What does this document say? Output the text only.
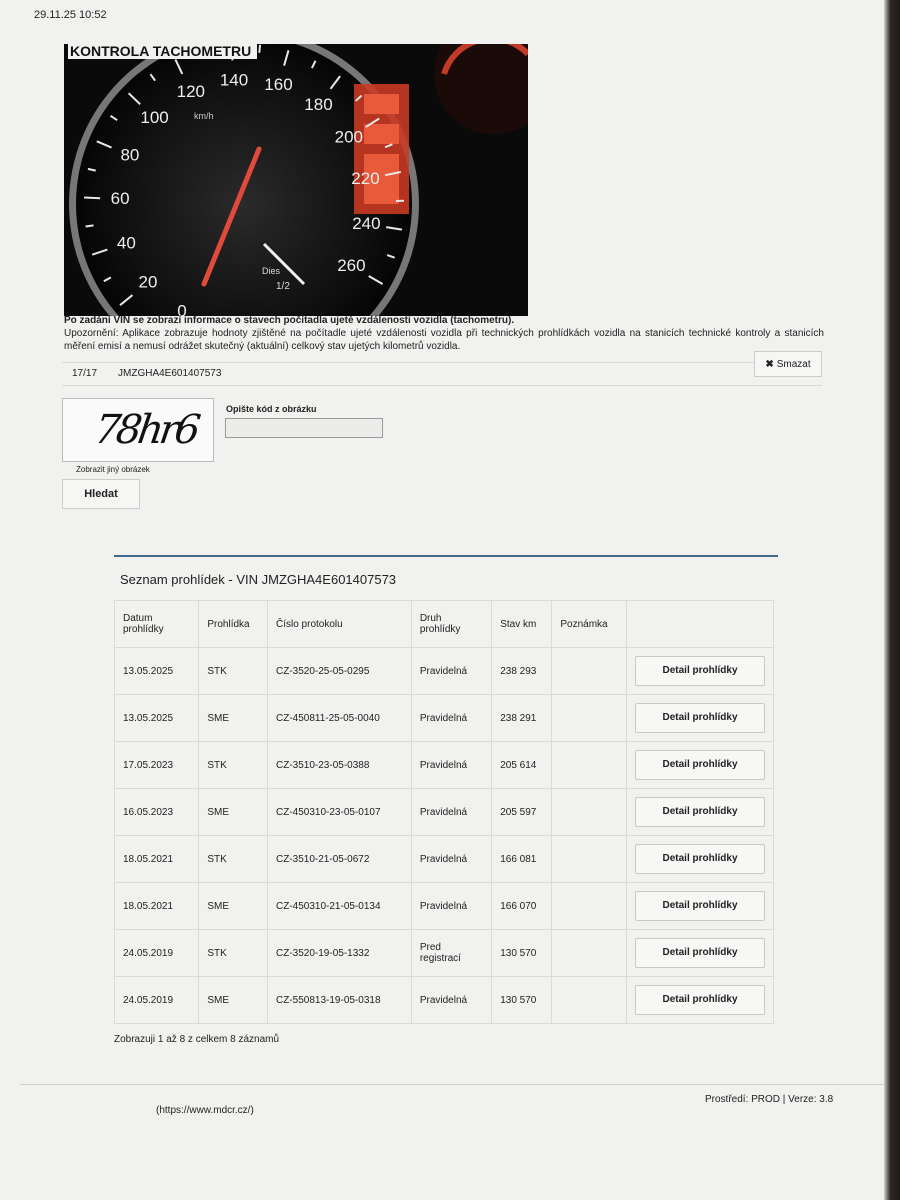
29.11.25 10:52
0
20
40
60
80
100
120
140 160
180
200
220
240
260
km/h
Dies
1/2
KONTROLA TACHOMETRU
Po zadání VIN se zobrazí informace o stavech počítadla ujeté vzdálenosti vozidla (tachometru).
Upozornění: Aplikace zobrazuje hodnoty zjištěné na počítadle ujeté vzdálenosti vozidla při technických prohlídkách vozidla na stanicích technické kontroly a stanicích měření emisí a nemusí odrážet skutečný (aktuální) celkový stav ujetých kilometrů vozidla.
17/17 JMZGHA4E601407573
✖ Smazat
78hr6
Zobrazit jiný obrázek
Opište kód z obrázku
Hledat
Seznam prohlídek - VIN JMZGHA4E601407573
Datum prohlídky	Prohlídka	Číslo protokolu	Druh prohlídky	Stav km	Poznámka	
13.05.2025	STK	CZ-3520-25-05-0295	Pravidelná	238 293		Detail prohlídky
13.05.2025	SME	CZ-450811-25-05-0040	Pravidelná	238 291		Detail prohlídky
17.05.2023	STK	CZ-3510-23-05-0388	Pravidelná	205 614		Detail prohlídky
16.05.2023	SME	CZ-450310-23-05-0107	Pravidelná	205 597		Detail prohlídky
18.05.2021	STK	CZ-3510-21-05-0672	Pravidelná	166 081		Detail prohlídky
18.05.2021	SME	CZ-450310-21-05-0134	Pravidelná	166 070		Detail prohlídky
24.05.2019	STK	CZ-3520-19-05-1332	Pred registrací	130 570		Detail prohlídky
24.05.2019	SME	CZ-550813-19-05-0318	Pravidelná	130 570		Detail prohlídky
Zobrazuji 1 až 8 z celkem 8 záznamů
(https://www.mdcr.cz/)
Prostředí: PROD | Verze: 3.8
